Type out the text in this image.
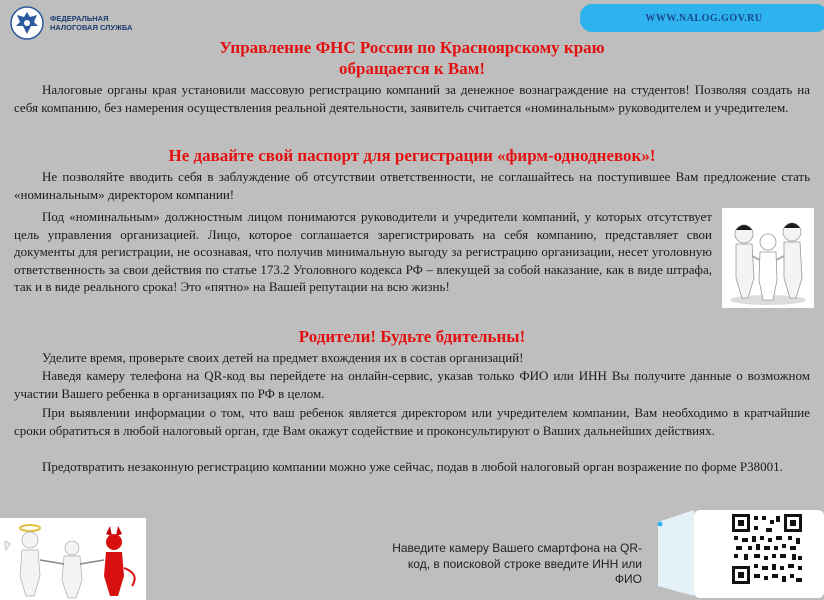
ФЕДЕРАЛЬНАЯ НАЛОГОВАЯ СЛУЖБА
WWW.NALOG.GOV.RU
Управление ФНС России по Красноярскому краю
обращается к Вам!
Налоговые органы края установили массовую регистрацию компаний за денежное вознаграждение на студентов! Позволяя создать на себя компанию, без намерения осуществления реальной деятельности, заявитель считается «номинальным» руководителем и учредителем.
Не давайте свой паспорт для регистрации «фирм-однодневок»!
Не позволяйте вводить себя в заблуждение об отсутствии ответственности, не соглашайтесь на поступившее Вам предложение стать «номинальным» директором компании!
Под «номинальным» должностным лицом понимаются руководители и учредители компаний, у которых отсутствует цель управления организацией. Лицо, которое соглашается зарегистрировать на себя компанию, представляет свои документы для регистрации, не осознавая, что получив минимальную выгоду за регистрацию организации, несет уголовную ответственность за свои действия по статье 173.2 Уголовного кодекса РФ – влекущей за собой наказание, как в виде штрафа, так и в виде реального срока! Это «пятно» на Вашей репутации на всю жизнь!
Родители! Будьте бдительны!
Уделите время, проверьте своих детей на предмет вхождения их в состав организаций!
Наведя камеру телефона на QR-код вы перейдете на онлайн-сервис, указав только ФИО или ИНН Вы получите данные о возможном участии Вашего ребенка в организациях по РФ в целом.
При выявлении информации о том, что ваш ребенок является директором или учредителем компании, Вам необходимо в кратчайшие сроки обратиться в любой налоговый орган, где Вам окажут содействие и проконсультируют о Ваших дальнейших действиях.
Предотвратить незаконную регистрацию компании можно уже сейчас, подав в любой налоговый орган возражение по форме Р38001.
Наведите камеру Вашего смартфона на QR-код, в поисковой строке введите ИНН или ФИО
